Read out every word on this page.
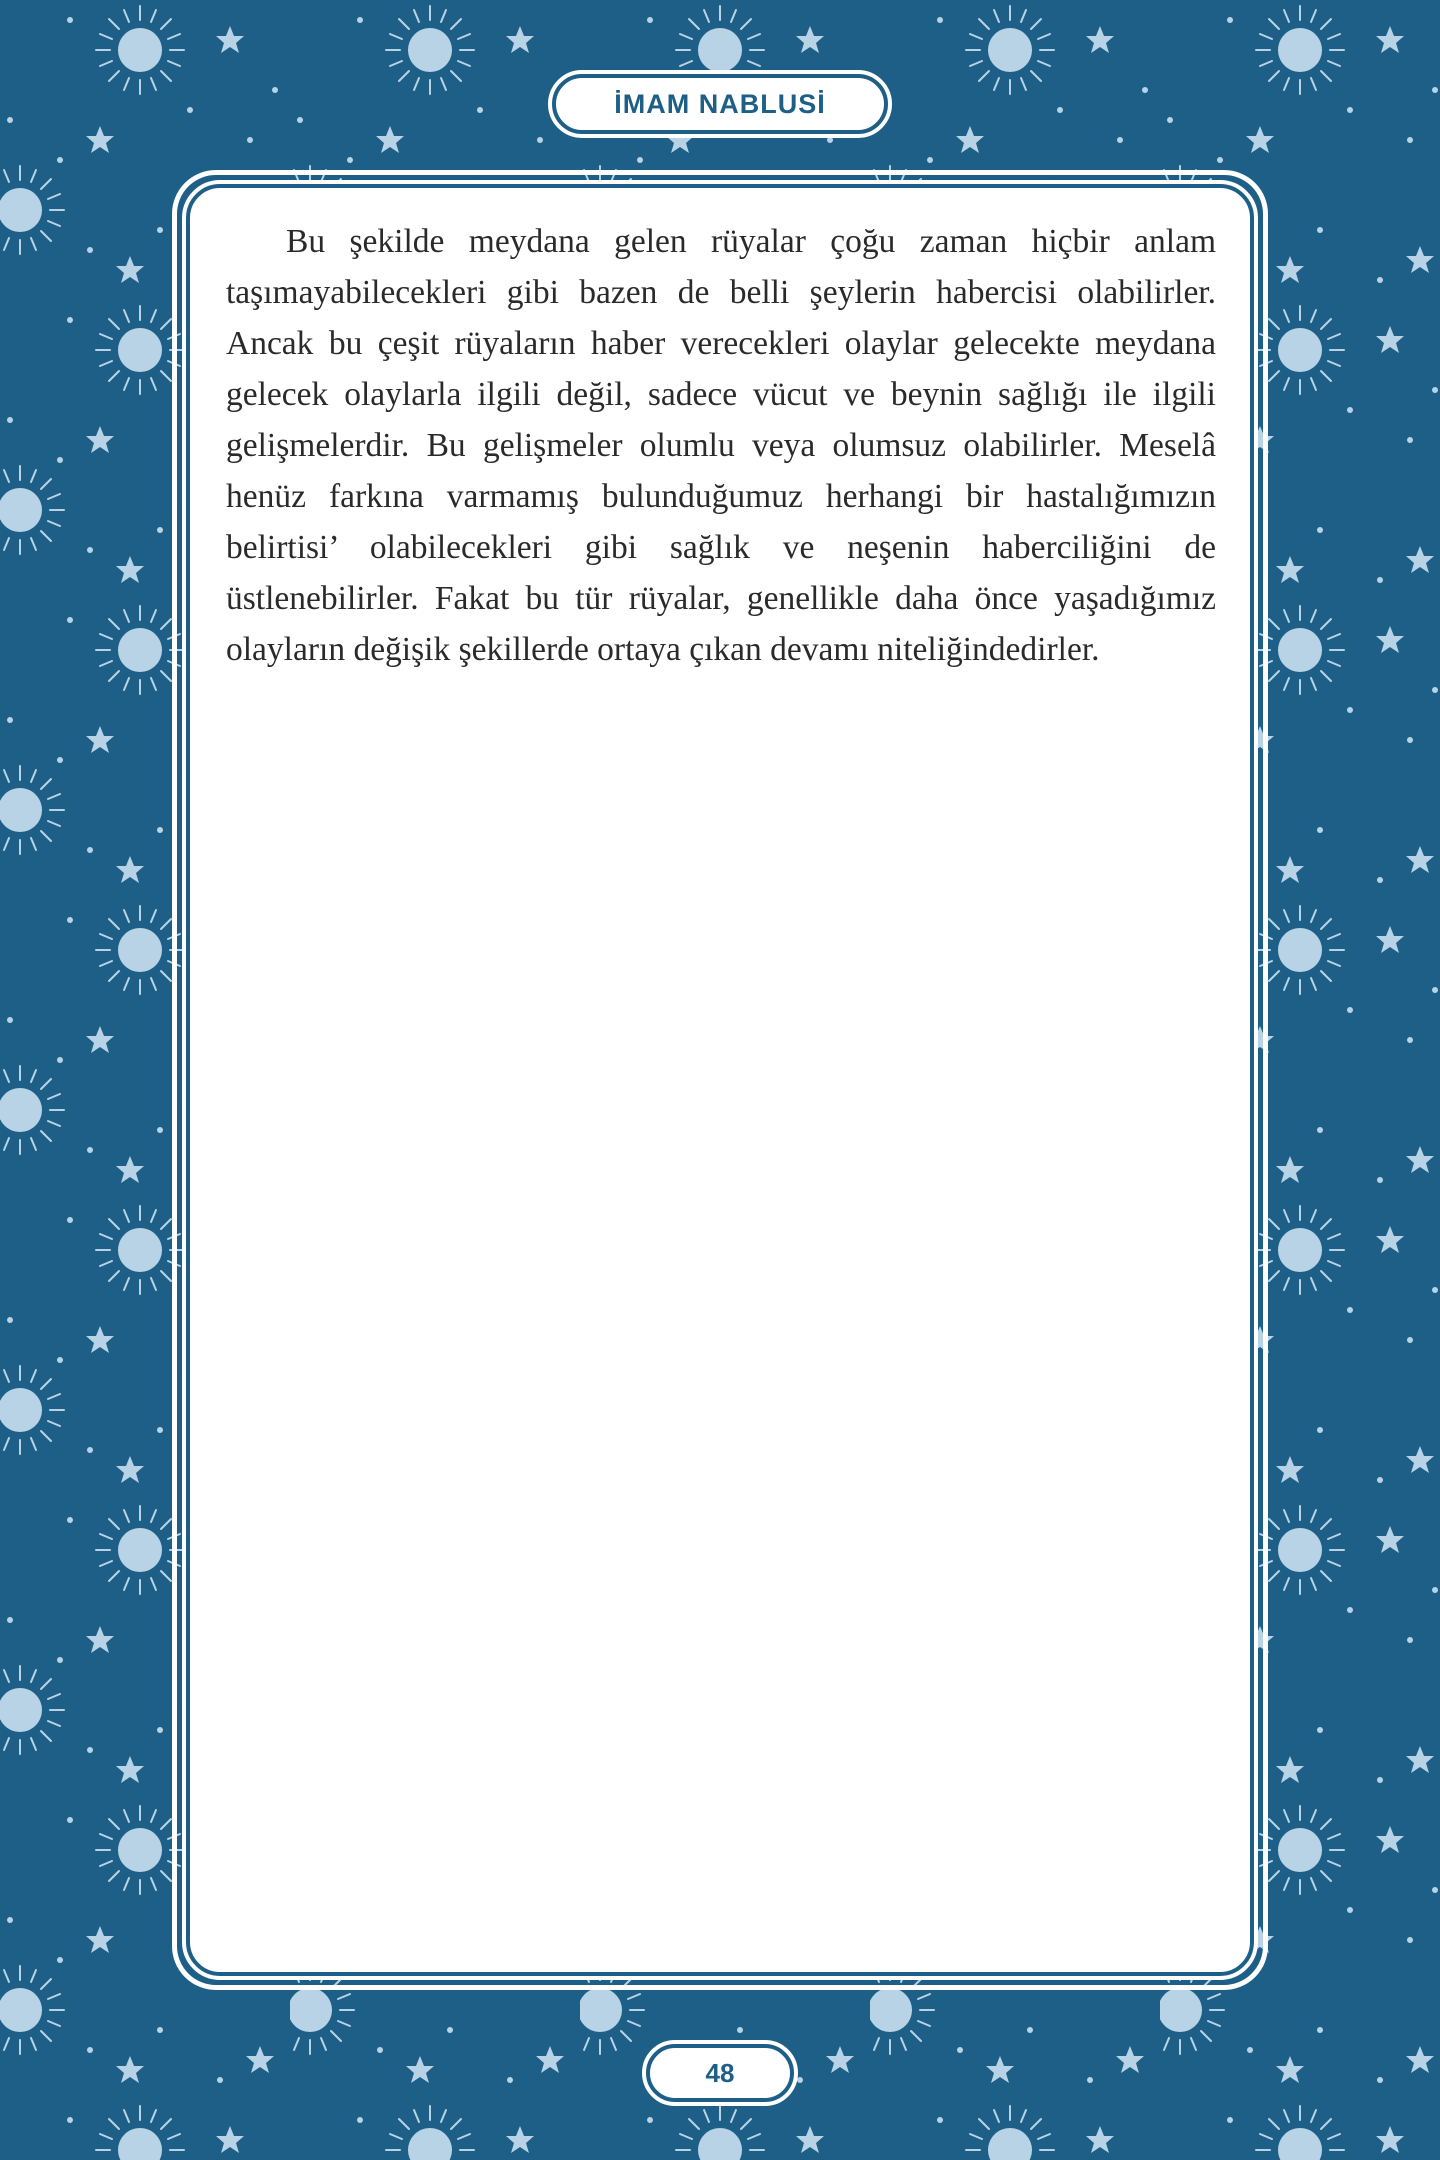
İMAM NABLUSİ

Bu şekilde meydana gelen rüyalar çoğu zaman hiçbir anlam taşımayabilecekleri gibi bazen de belli şeylerin habercisi olabilirler. Ancak bu çeşit rüyaların haber verecekleri olaylar gelecekte meydana gelecek olaylarla ilgili değil, sadece vücut ve beynin sağlığı ile ilgili gelişmelerdir. Bu gelişmeler olumlu veya olumsuz olabilirler. Meselâ henüz farkına varmamış bulunduğumuz herhangi bir hastalığımızın belirtisi’ olabilecekleri gibi sağlık ve neşenin haberciliğini de üstlenebilirler. Fakat bu tür rüyalar, genellikle daha önce yaşadığımız olayların değişik şekillerde ortaya çıkan devamı niteliğindedirler.

48
